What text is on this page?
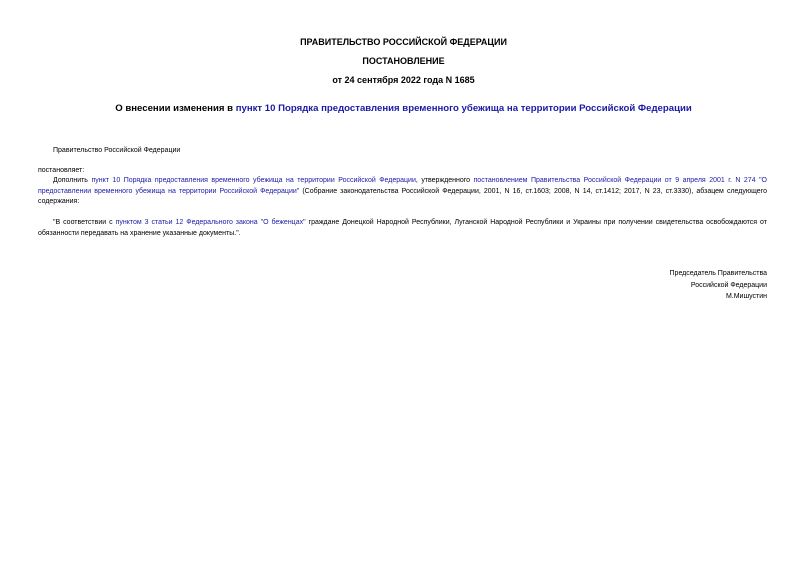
ПРАВИТЕЛЬСТВО РОССИЙСКОЙ ФЕДЕРАЦИИ
ПОСТАНОВЛЕНИЕ
от 24 сентября 2022 года N 1685
О внесении изменения в пункт 10 Порядка предоставления временного убежища на территории Российской Федерации
Правительство Российской Федерации
постановляет:
Дополнить пункт 10 Порядка предоставления временного убежища на территории Российской Федерации, утвержденного постановлением Правительства Российской Федерации от 9 апреля 2001 г. N 274 "О предоставлении временного убежища на территории Российской Федерации" (Собрание законодательства Российской Федерации, 2001, N 16, ст.1603; 2008, N 14, ст.1412; 2017, N 23, ст.3330), абзацем следующего содержания:
"В соответствии с пунктом 3 статьи 12 Федерального закона "О беженцах" граждане Донецкой Народной Республики, Луганской Народной Республики и Украины при получении свидетельства освобождаются от обязанности передавать на хранение указанные документы.".
Председатель Правительства
Российской Федерации
М.Мишустин
